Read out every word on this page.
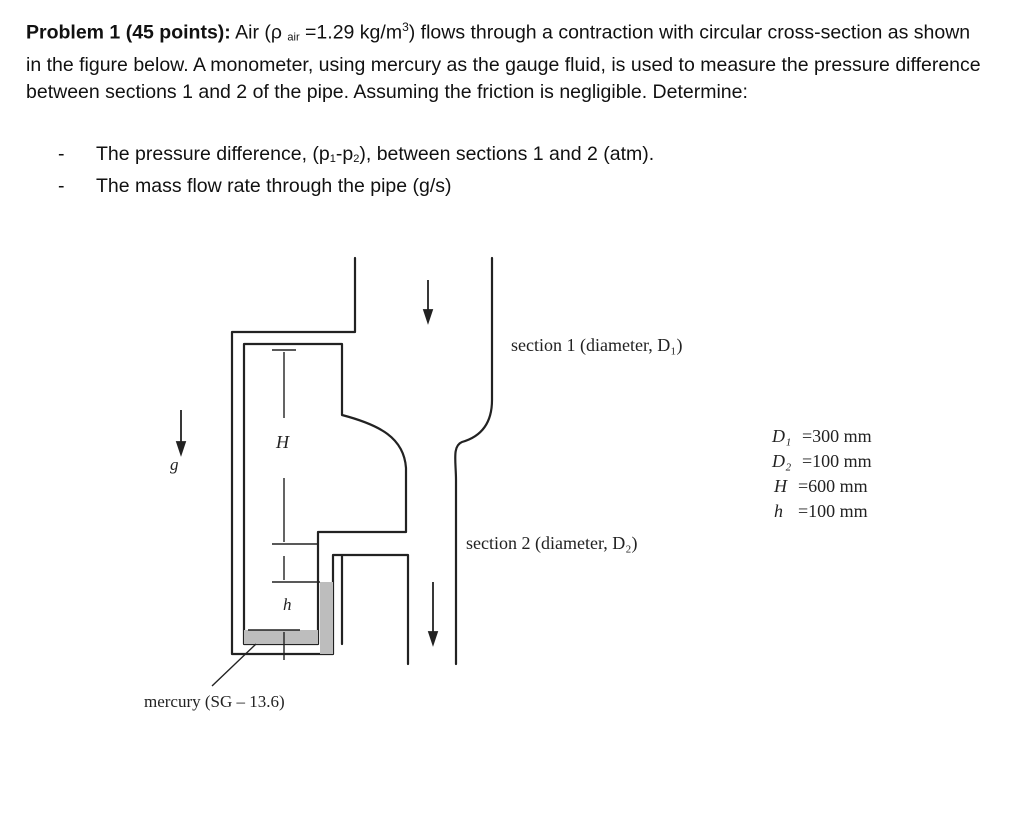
Problem 1 (45 points): Air (ρ air =1.29 $kg/m^3$) flows through a contraction with circular cross-section as shown in the figure below. A monometer, using mercury as the gauge fluid, is used to measure the pressure difference between sections 1 and 2 of the pipe. Assuming the friction is negligible. Determine:
-	The pressure difference, (p1-p2), between sections 1 and 2 (atm).
-	The mass flow rate through the pipe (g/s)
section 1 (diameter, D₁)
section 2 (diameter, D₂)
H
h
g
mercury (SG – 13.6)
D₁ =300 mm
D₂ =100 mm
H =600 mm
h =100 mm
